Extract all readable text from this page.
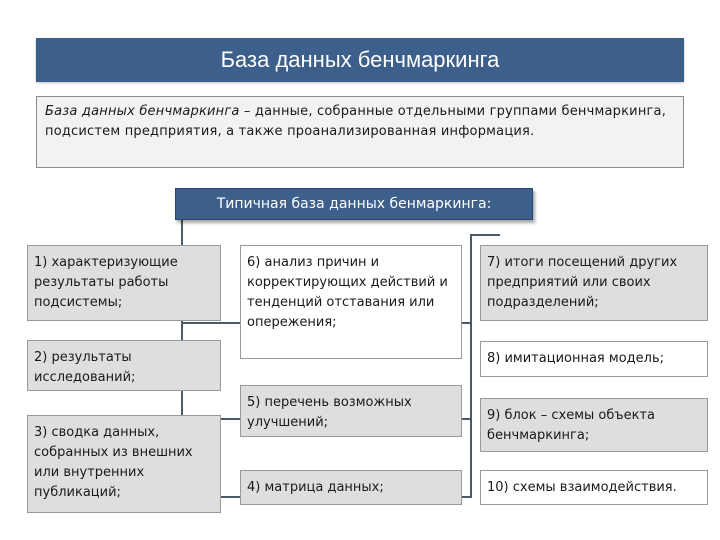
База данных бенчмаркинга
База данных бенчмаркинга – данные, собранные отдельными группами бенчмаркинга, подсистем предприятия, а также проанализированная информация.
Типичная база данных бенмаркинга:
1) характеризующие результаты работы подсистемы;
2) результаты исследований;
3) сводка данных, собранных из внешних или внутренних публикаций;
6) анализ причин и корректирующих действий и тенденций отставания или опережения;
5) перечень возможных улучшений;
4) матрица данных;
7) итоги посещений других предприятий или своих подразделений;
8) имитационная модель;
9) блок – схемы объекта бенчмаркинга;
10) схемы взаимодействия.
